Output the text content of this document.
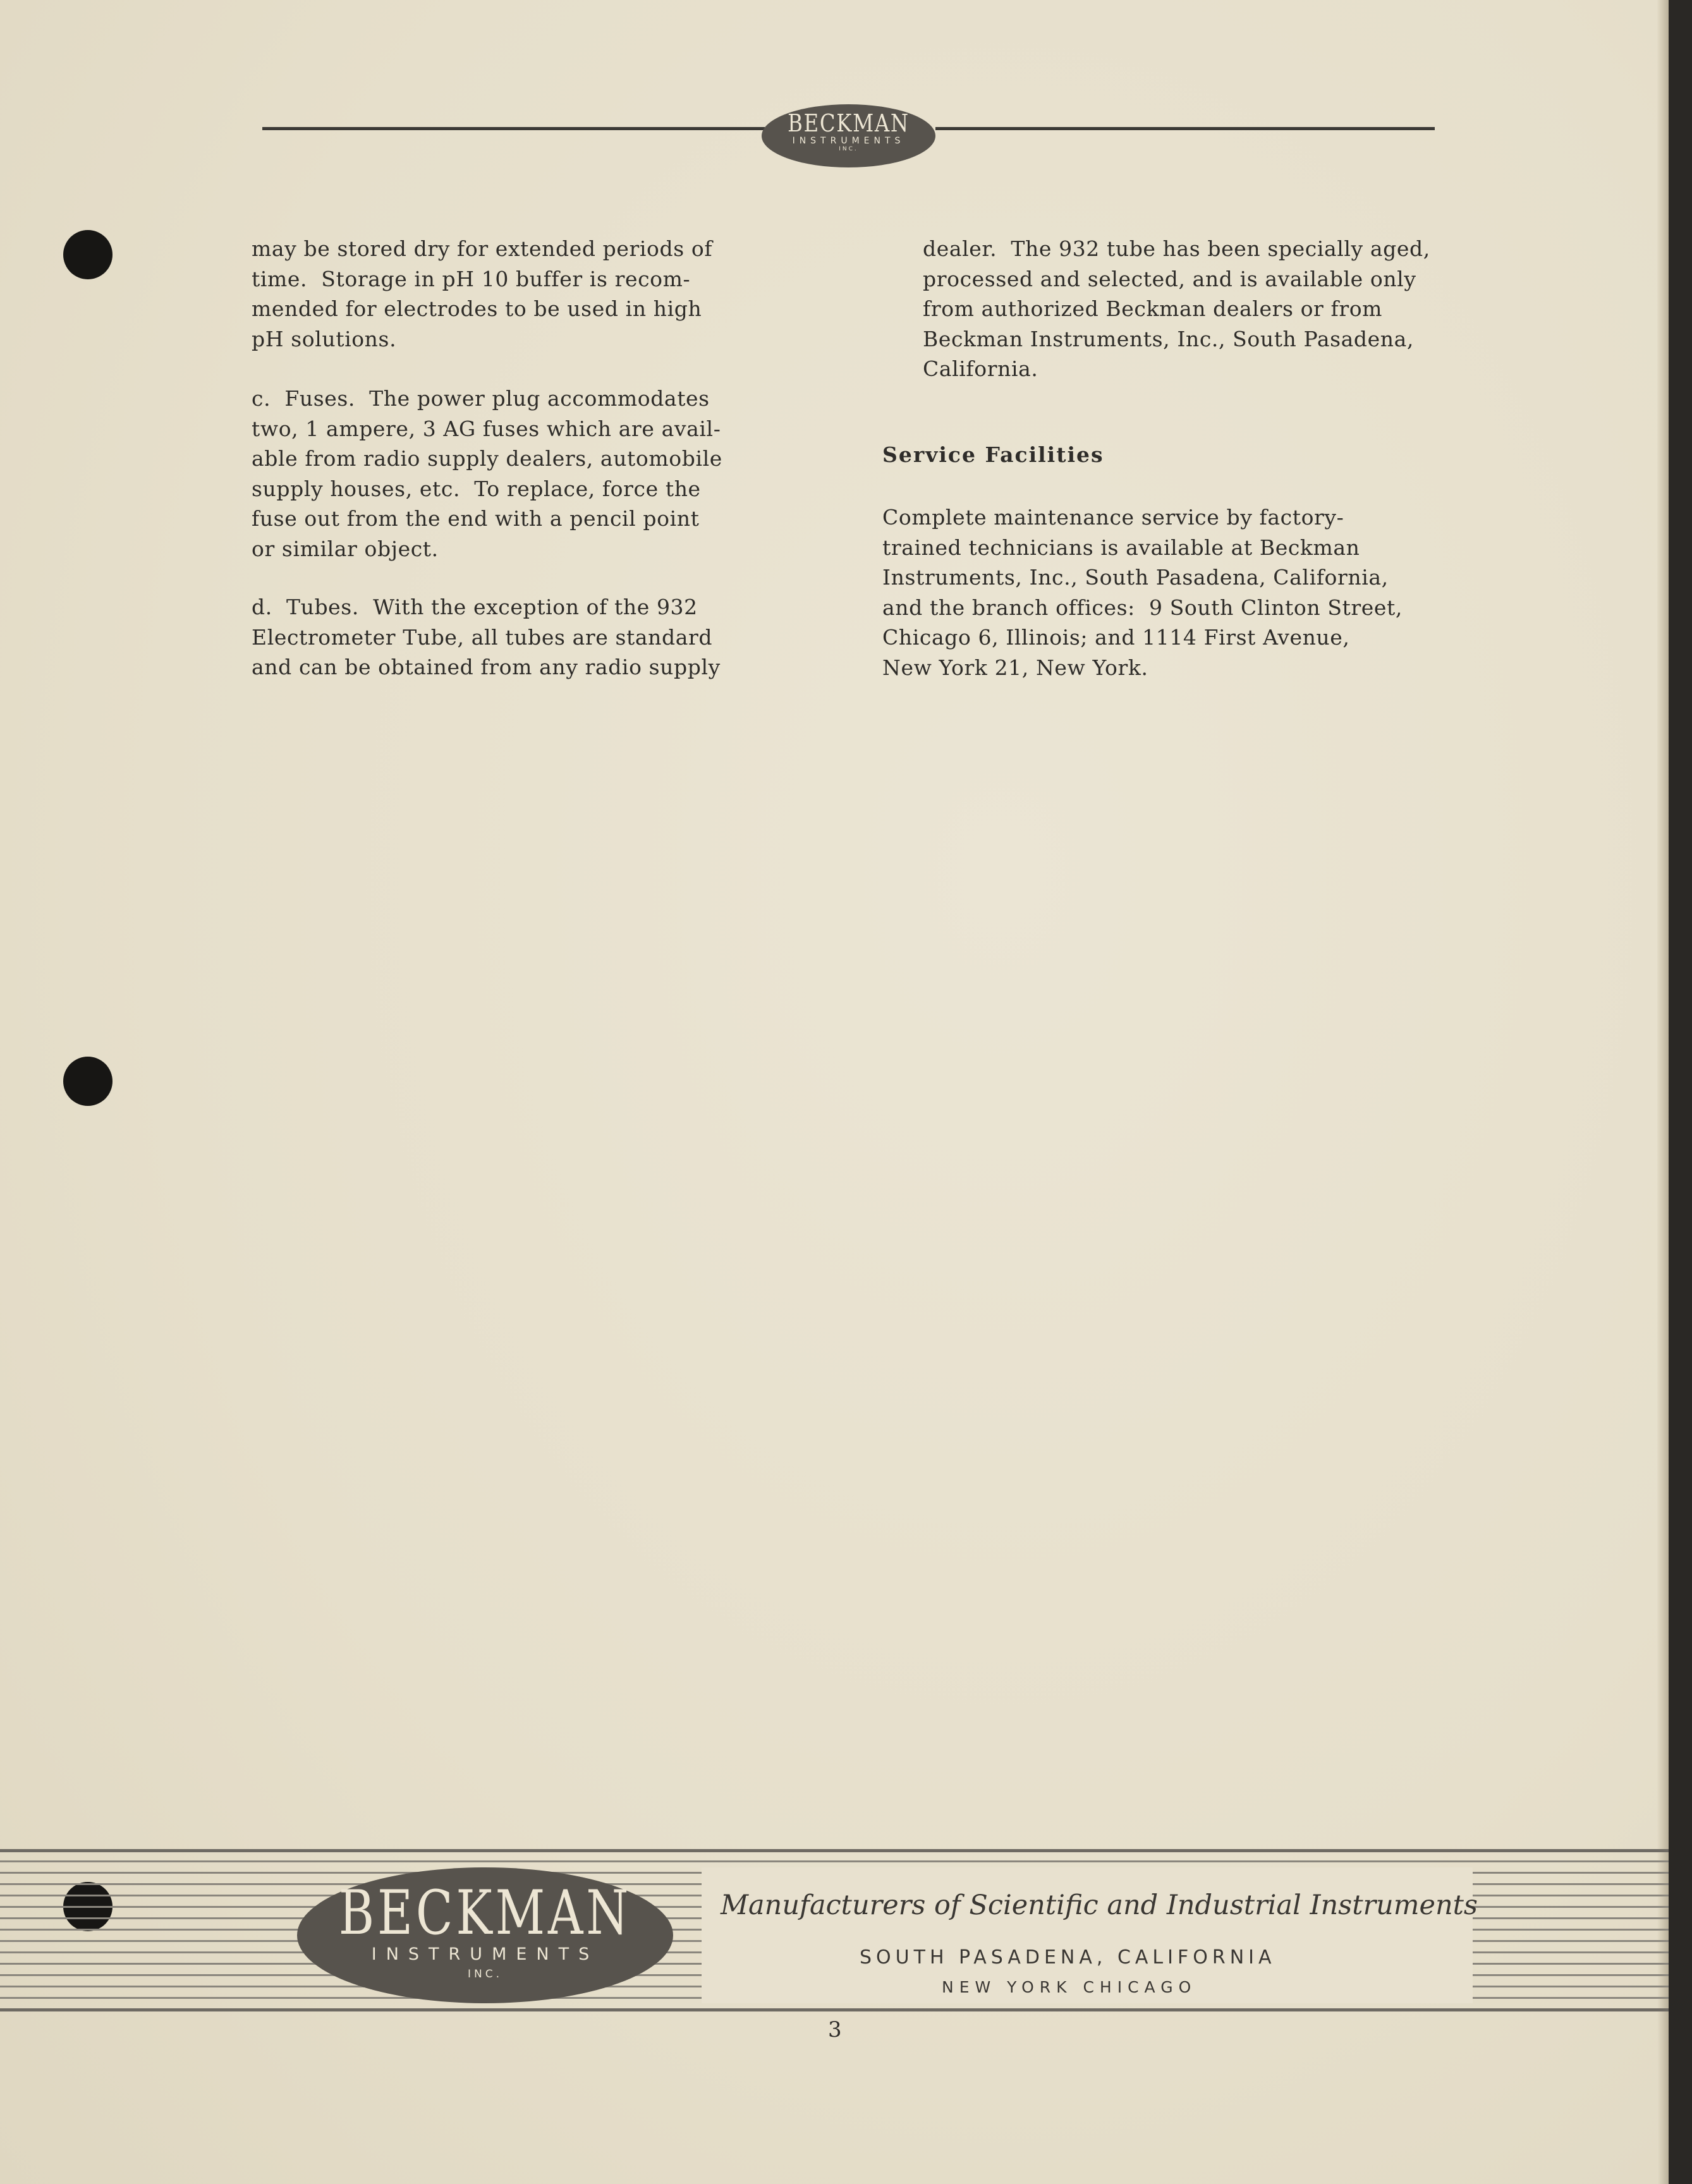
BECKMAN
INSTRUMENTS
INC.

may be stored dry for extended periods of
time.  Storage in pH 10 buffer is recom-
mended for electrodes to be used in high
pH solutions.

c.  Fuses.  The power plug accommodates
two, 1 ampere, 3 AG fuses which are avail-
able from radio supply dealers, automobile
supply houses, etc.  To replace, force the
fuse out from the end with a pencil point
or similar object.

d.  Tubes.  With the exception of the 932
Electrometer Tube, all tubes are standard
and can be obtained from any radio supply

dealer.  The 932 tube has been specially aged,
processed and selected, and is available only
from authorized Beckman dealers or from
Beckman Instruments, Inc., South Pasadena,
California.

Service Facilities

Complete maintenance service by factory-
trained technicians is available at Beckman
Instruments, Inc., South Pasadena, California,
and the branch offices:  9 South Clinton Street,
Chicago 6, Illinois; and 1114 First Avenue,
New York 21, New York.

BECKMAN
INSTRUMENTS
INC.
Manufacturers of Scientific and Industrial Instruments
SOUTH PASADENA, CALIFORNIA
NEW YORK CHICAGO
3
